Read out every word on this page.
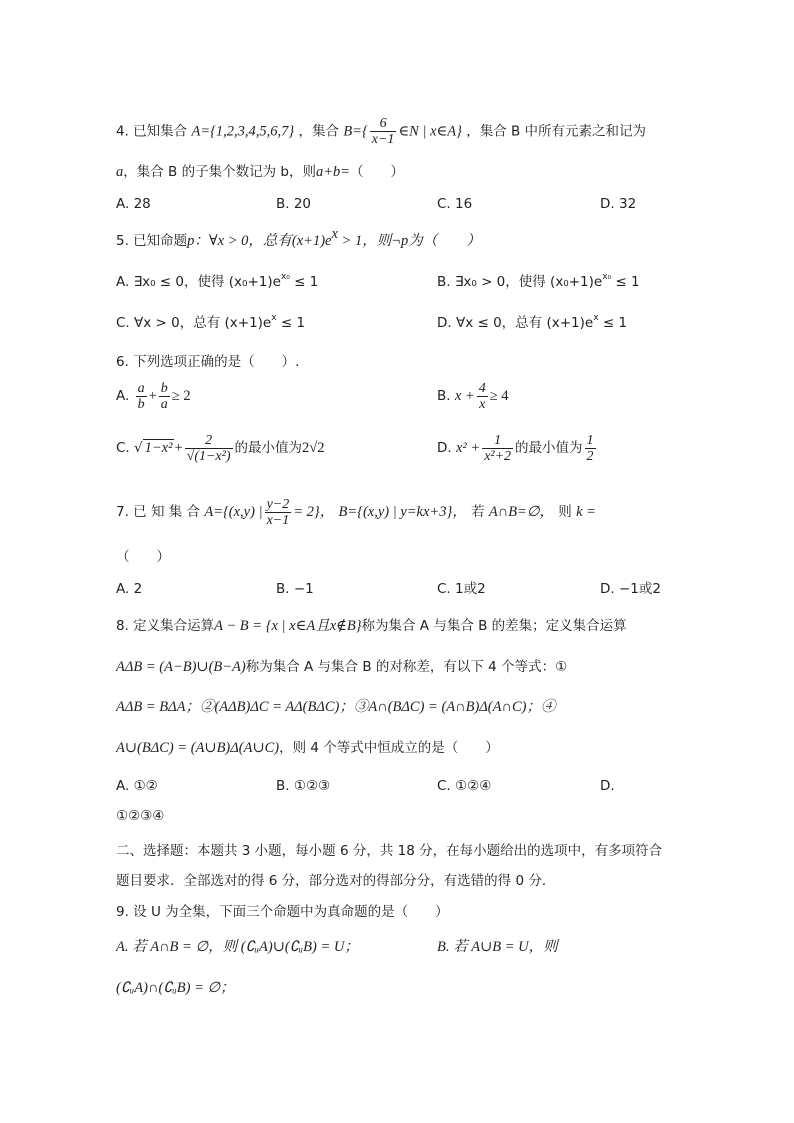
4. 已知集合 A={1,2,3,4,5,6,7} ，集合 $B=\{ \frac{6}{x-1}$ ∈N | x∈A} ，集合 B 中所有元素之和记为
a，集合 B 的子集个数记为 b，则a+b=（　　）
A. 28	B. 20	C. 16	D. 32
5. 已知命题p：∀x > 0，总有$(x+1)e^x > 1$，则¬p为（　　）
A. ∃x₀ ≤ 0，使得 $(x_0+1)e^{x_0} \le 1$	B. ∃x₀ > 0，使得 $(x_0+1)e^{x_0} \le 1$
C. ∀x > 0，总有 $(x+1)e^x \le 1$	D. ∀x ≤ 0，总有 $(x+1)e^x \le 1$
6. 下列选项正确的是（　　）.
A. $\frac{a}{b} + \frac{b}{a} \ge 2$	B. $x + \frac{4}{x} \ge 4$
C. √ $1-x^2 + \frac{2}{\text{√(1−x²)}}$ 的最小值为2√2	D. $x^2 + \frac{1}{\text{x²+2}}$ 的最小值为 $\frac{1}{2}$
7. 已 知 集 合 A={(x,y) | $\frac{y-2}{x-1} = 2$}， B={(x,y) | y=kx+3}， 若 A∩B=∅， 则 k =
（　　）
A. 2	B. −1	C. 1或2	D. −1或2
8. 定义集合运算A − B = {x | x∈A且x∉B}称为集合 A 与集合 B 的差集；定义集合运算
AΔB = (A−B)∪(B−A)称为集合 A 与集合 B 的对称差，有以下 4 个等式：①
AΔB = BΔA；②(AΔB)ΔC = AΔ(BΔC)；③A∩(BΔC) = (A∩B)Δ(A∩C)；④
A∪(BΔC) = (A∪B)Δ(A∪C)，则 4 个等式中恒成立的是（　　）
A. ①②	B. ①②③	C. ①②④	D.
①②③④
二、选择题：本题共 3 小题，每小题 6 分，共 18 分，在每小题给出的选项中，有多项符合
题目要求．全部选对的得 6 分，部分选对的得部分分，有选错的得 0 分．
9. 设 U 为全集，下面三个命题中为真命题的是（　　）
A. 若 A∩B = ∅，则 (∁ᵤA)∪(∁ᵤB) = U；	B. 若 A∪B = U，则
(∁ᵤA)∩(∁ᵤB) = ∅；
